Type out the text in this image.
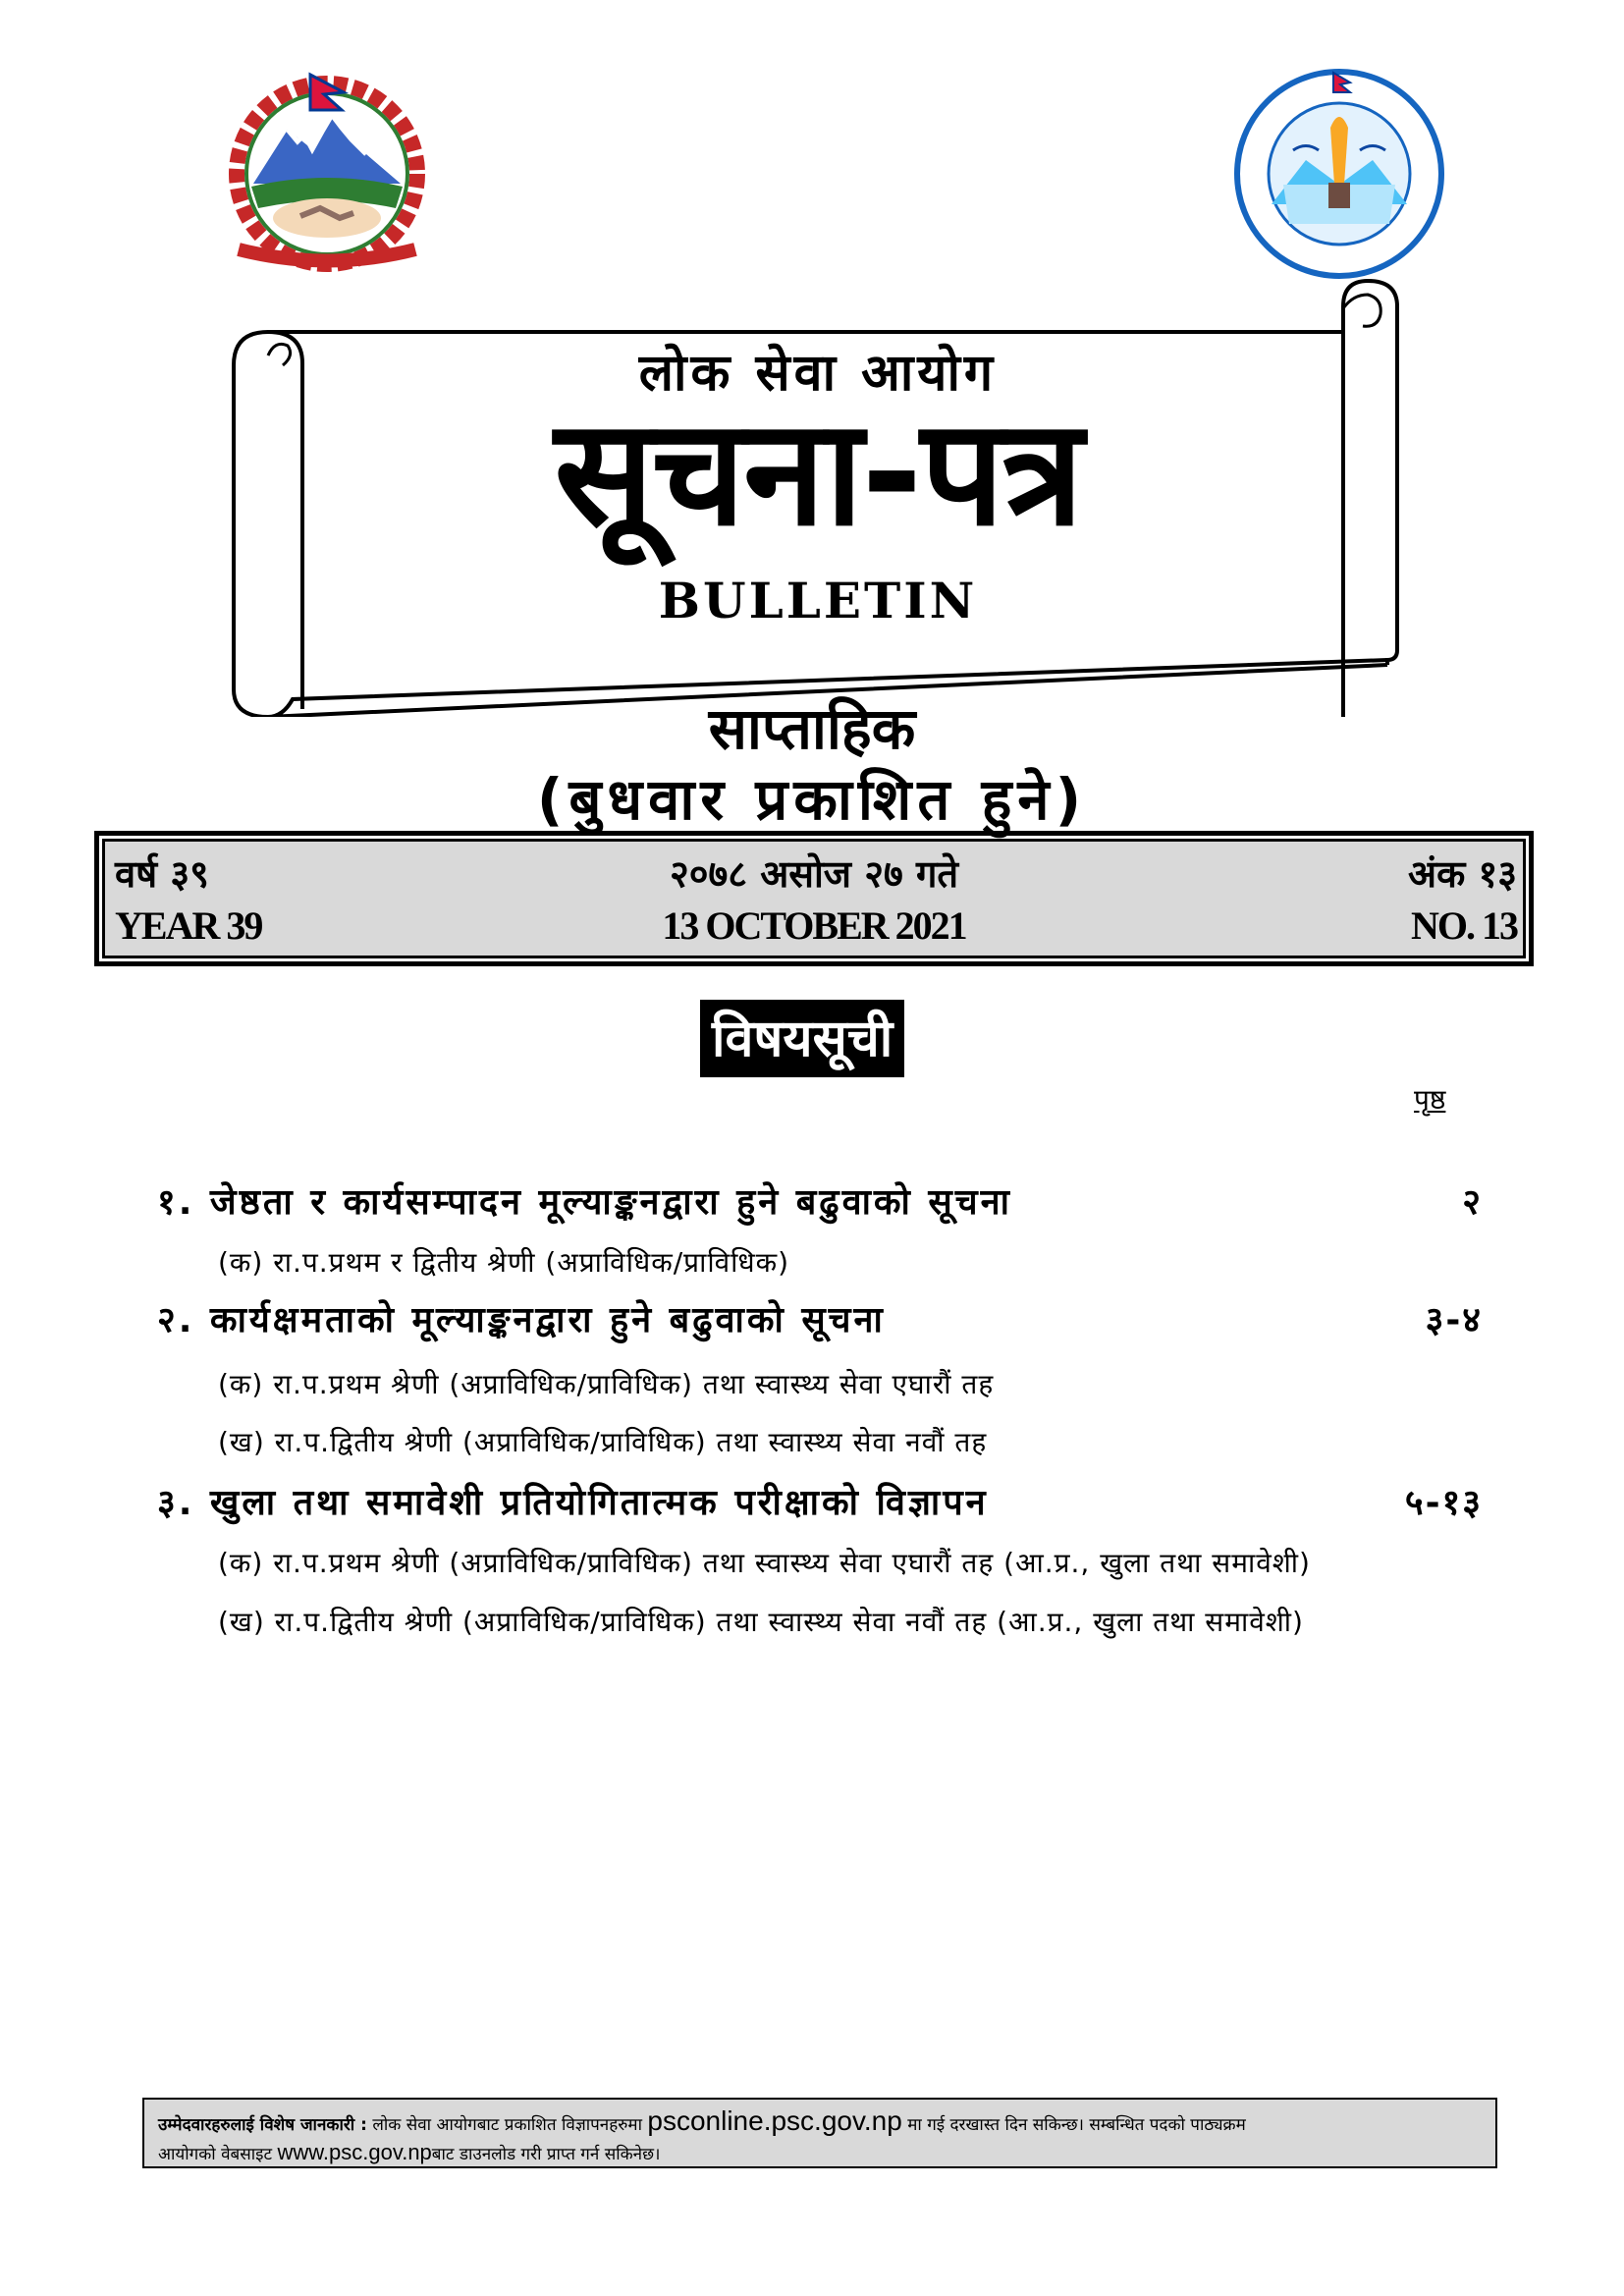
लोक सेवा आयोग
सूचना-पत्र
BULLETIN
साप्ताहिक
(बुधवार प्रकाशित हुने)
वर्ष ३९	२०७८ असोज २७ गते	अंक १३
YEAR 39	13 OCTOBER 2021	NO. 13
विषयसूची
पृष्ठ
१. जेष्ठता र कार्यसम्पादन मूल्याङ्कनद्वारा हुने बढुवाको सूचना	२
(क) रा.प.प्रथम र द्वितीय श्रेणी (अप्राविधिक/प्राविधिक)
२. कार्यक्षमताको मूल्याङ्कनद्वारा हुने बढुवाको सूचना	३-४
(क) रा.प.प्रथम श्रेणी (अप्राविधिक/प्राविधिक) तथा स्वास्थ्य सेवा एघारौं तह
(ख) रा.प.द्वितीय श्रेणी (अप्राविधिक/प्राविधिक) तथा स्वास्थ्य सेवा नवौं तह
३. खुला तथा समावेशी प्रतियोगितात्मक परीक्षाको विज्ञापन	५-१३
(क) रा.प.प्रथम श्रेणी (अप्राविधिक/प्राविधिक) तथा स्वास्थ्य सेवा एघारौं तह (आ.प्र., खुला तथा समावेशी)
(ख) रा.प.द्वितीय श्रेणी (अप्राविधिक/प्राविधिक) तथा स्वास्थ्य सेवा नवौं तह (आ.प्र., खुला तथा समावेशी)
उम्मेदवारहरुलाई विशेष जानकारी : लोक सेवा आयोगबाट प्रकाशित विज्ञापनहरुमा psconline.psc.gov.np मा गई दरखास्त दिन सकिन्छ। सम्बन्धित पदको पाठ्यक्रम
आयोगको वेबसाइट www.psc.gov.npबाट डाउनलोड गरी प्राप्त गर्न सकिनेछ।
